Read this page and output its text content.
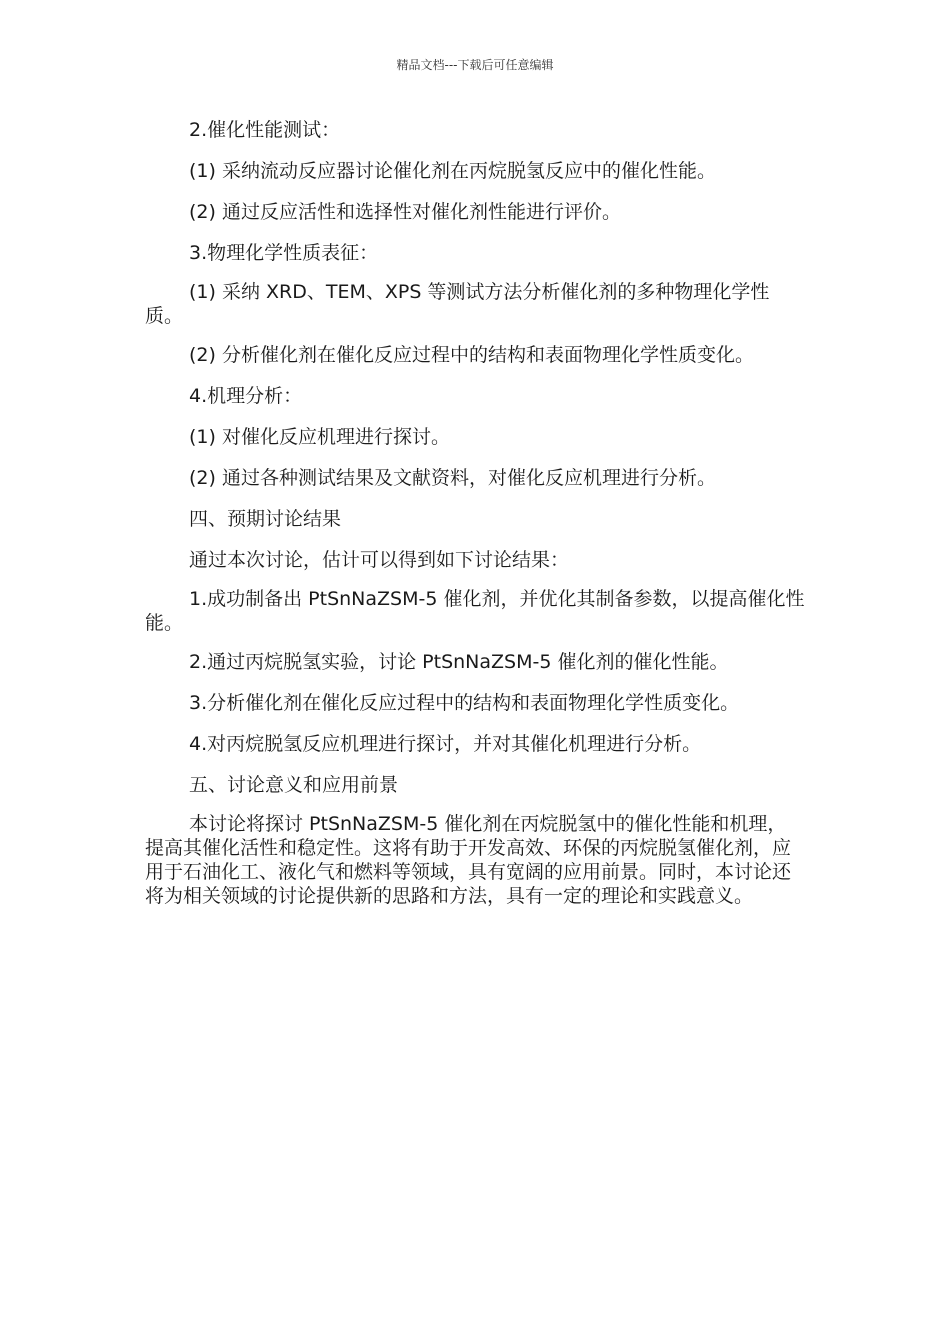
精品文档---下载后可任意编辑

2.催化性能测试：

(1) 采纳流动反应器讨论催化剂在丙烷脱氢反应中的催化性能。

(2) 通过反应活性和选择性对催化剂性能进行评价。

3.物理化学性质表征：

(1) 采纳 XRD、TEM、XPS 等测试方法分析催化剂的多种物理化学性质。

(2) 分析催化剂在催化反应过程中的结构和表面物理化学性质变化。

4.机理分析：

(1) 对催化反应机理进行探讨。

(2) 通过各种测试结果及文献资料，对催化反应机理进行分析。

四、预期讨论结果

通过本次讨论，估计可以得到如下讨论结果：

1.成功制备出 PtSnNaZSM-5 催化剂，并优化其制备参数，以提高催化性能。

2.通过丙烷脱氢实验，讨论 PtSnNaZSM-5 催化剂的催化性能。

3.分析催化剂在催化反应过程中的结构和表面物理化学性质变化。

4.对丙烷脱氢反应机理进行探讨，并对其催化机理进行分析。

五、讨论意义和应用前景

本讨论将探讨 PtSnNaZSM-5 催化剂在丙烷脱氢中的催化性能和机理，提高其催化活性和稳定性。这将有助于开发高效、环保的丙烷脱氢催化剂，应用于石油化工、液化气和燃料等领域，具有宽阔的应用前景。同时，本讨论还将为相关领域的讨论提供新的思路和方法，具有一定的理论和实践意义。
